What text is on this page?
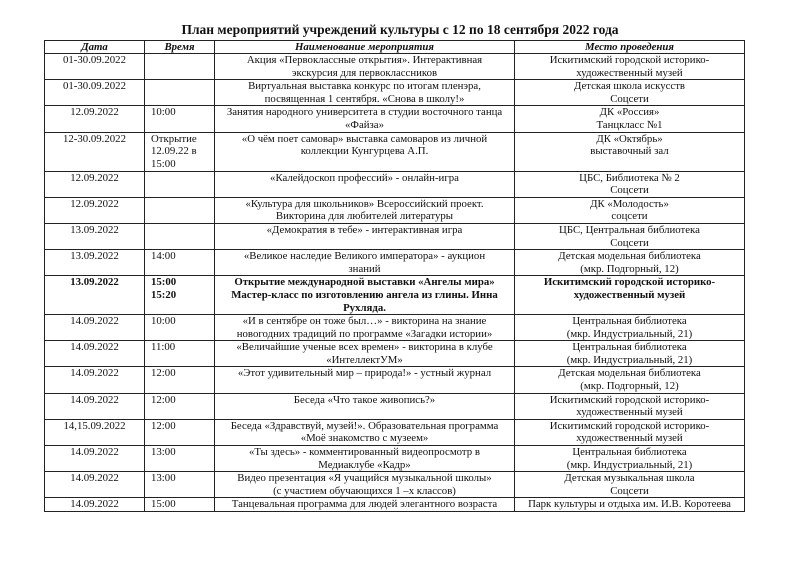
План мероприятий учреждений культуры с 12 по 18 сентября 2022 года
Дата	Время	Наименование мероприятия	Место проведения
01-30.09.2022		Акция «Первоклассные открытия». Интерактивная
экскурсия для первоклассников	Искитимский городской историко-
художественный музей

01-30.09.2022		Виртуальная выставка конкурс по итогам пленэра,
посвященная 1 сентября. «Снова в школу!»	Детская школа искусств
Соцсети

12.09.2022	10:00	Занятия народного университета в студии восточного танца
«Файза»	ДК «Россия»
Танцкласс №1

12-30.09.2022	Открытие
12.09.22 в
15:00	«О чём поет самовар» выставка самоваров из личной
коллекции Кунгурцева А.П.	ДК «Октябрь»
выставочный зал

12.09.2022		«Калейдоскоп профессий» - онлайн-игра	ЦБС, Библиотека № 2
Соцсети

12.09.2022		«Культура для школьников» Всероссийский проект.
Викторина для любителей литературы	ДК «Молодость»
соцсети

13.09.2022		«Демократия в тебе» - интерактивная игра	ЦБС, Центральная библиотека
Соцсети

13.09.2022	14:00	«Великое наследие Великого императора» - аукцион
знаний	Детская модельная библиотека
(мкр. Подгорный, 12)

13.09.2022	15:00
15:20	Открытие международной выставки «Ангелы мира»
Мастер-класс по изготовлению ангела из глины. Инна
Рухляда.	Искитимский городской историко-
художественный музей

14.09.2022	10:00	«И в сентябре он тоже был…» - викторина на знание
новогодних традиций по программе «Загадки истории»	Центральная библиотека
(мкр. Индустриальный, 21)

14.09.2022	11:00	«Величайшие ученые всех времен» - викторина в клубе
«ИнтеллектУМ»	Центральная библиотека
(мкр. Индустриальный, 21)

14.09.2022	12:00	«Этот удивительный мир – природа!» - устный журнал	Детская модельная библиотека
(мкр. Подгорный, 12)

14.09.2022	12:00	Беседа «Что такое живопись?»	Искитимский городской историко-
художественный музей

14,15.09.2022	12:00	Беседа «Здравствуй, музей!». Образовательная программа
«Моё знакомство с музеем»	Искитимский городской историко-
художественный музей

14.09.2022	13:00	«Ты здесь» - комментированный видеопросмотр в
Медиаклубе «Кадр»	Центральная библиотека
(мкр. Индустриальный, 21)

14.09.2022	13:00	Видео презентация «Я учащийся музыкальной школы»
(с участием обучающихся 1 –х классов)	Детская музыкальная школа
Соцсети

14.09.2022	15:00	Танцевальная программа для людей элегантного возраста	Парк культуры и отдыха им. И.В. Коротеева
